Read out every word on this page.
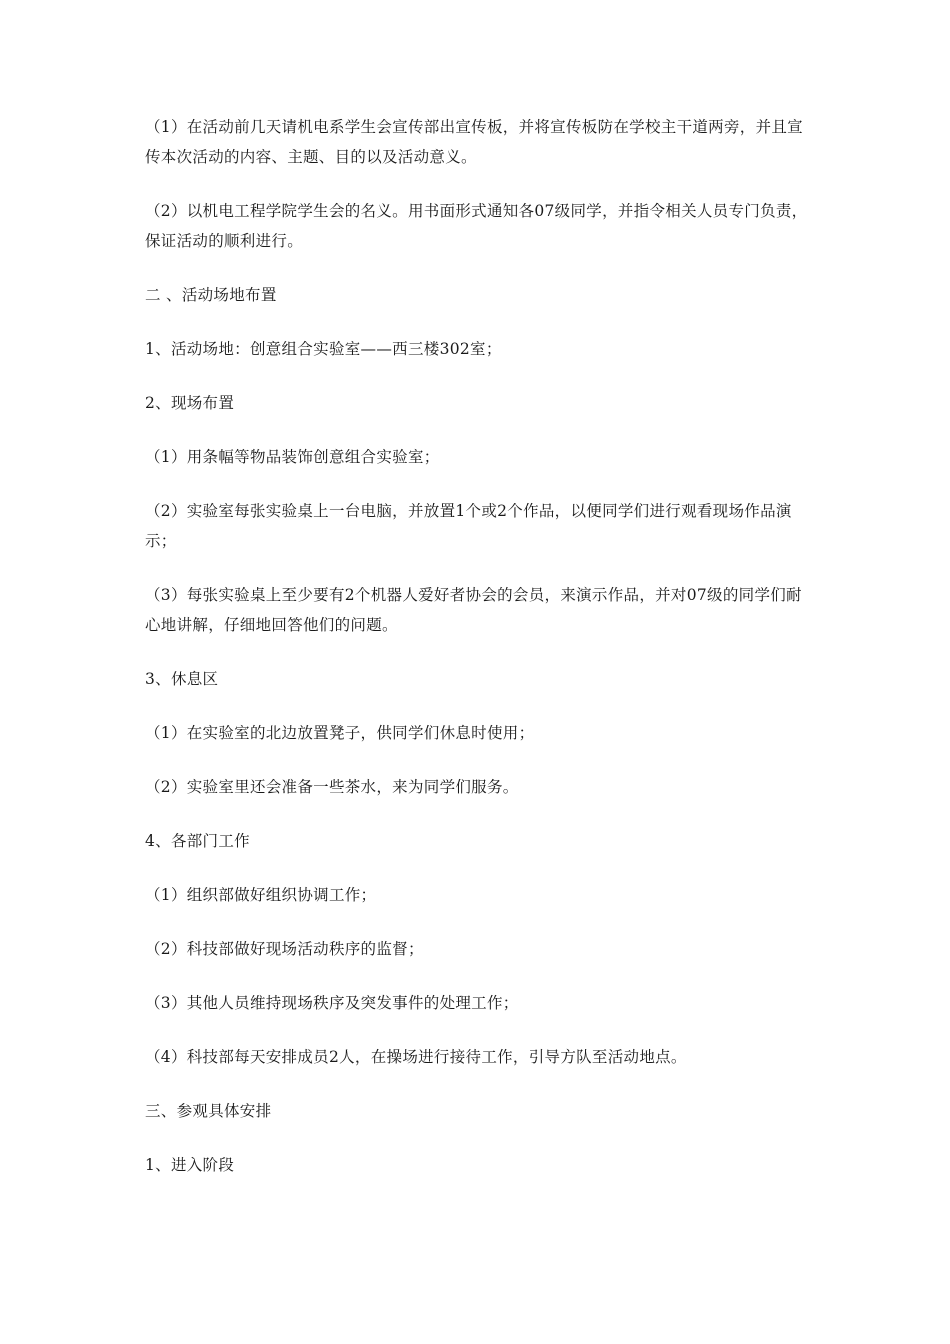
（1）在活动前几天请机电系学生会宣传部出宣传板，并将宣传板防在学校主干道两旁，并且宣传本次活动的内容、主题、目的以及活动意义。

（2）以机电工程学院学生会的名义。用书面形式通知各07级同学，并指令相关人员专门负责，保证活动的顺利进行。

二 、活动场地布置

1、活动场地：创意组合实验室——西三楼302室；

2、现场布置

（1）用条幅等物品装饰创意组合实验室；

（2）实验室每张实验桌上一台电脑，并放置1个或2个作品，以便同学们进行观看现场作品演示；

（3）每张实验桌上至少要有2个机器人爱好者协会的会员，来演示作品，并对07级的同学们耐心地讲解，仔细地回答他们的问题。

3、休息区

（1）在实验室的北边放置凳子，供同学们休息时使用；

（2）实验室里还会准备一些茶水，来为同学们服务。

4、各部门工作

（1）组织部做好组织协调工作；

（2）科技部做好现场活动秩序的监督；

（3）其他人员维持现场秩序及突发事件的处理工作；

（4）科技部每天安排成员2人，在操场进行接待工作，引导方队至活动地点。

三、参观具体安排

1、进入阶段
